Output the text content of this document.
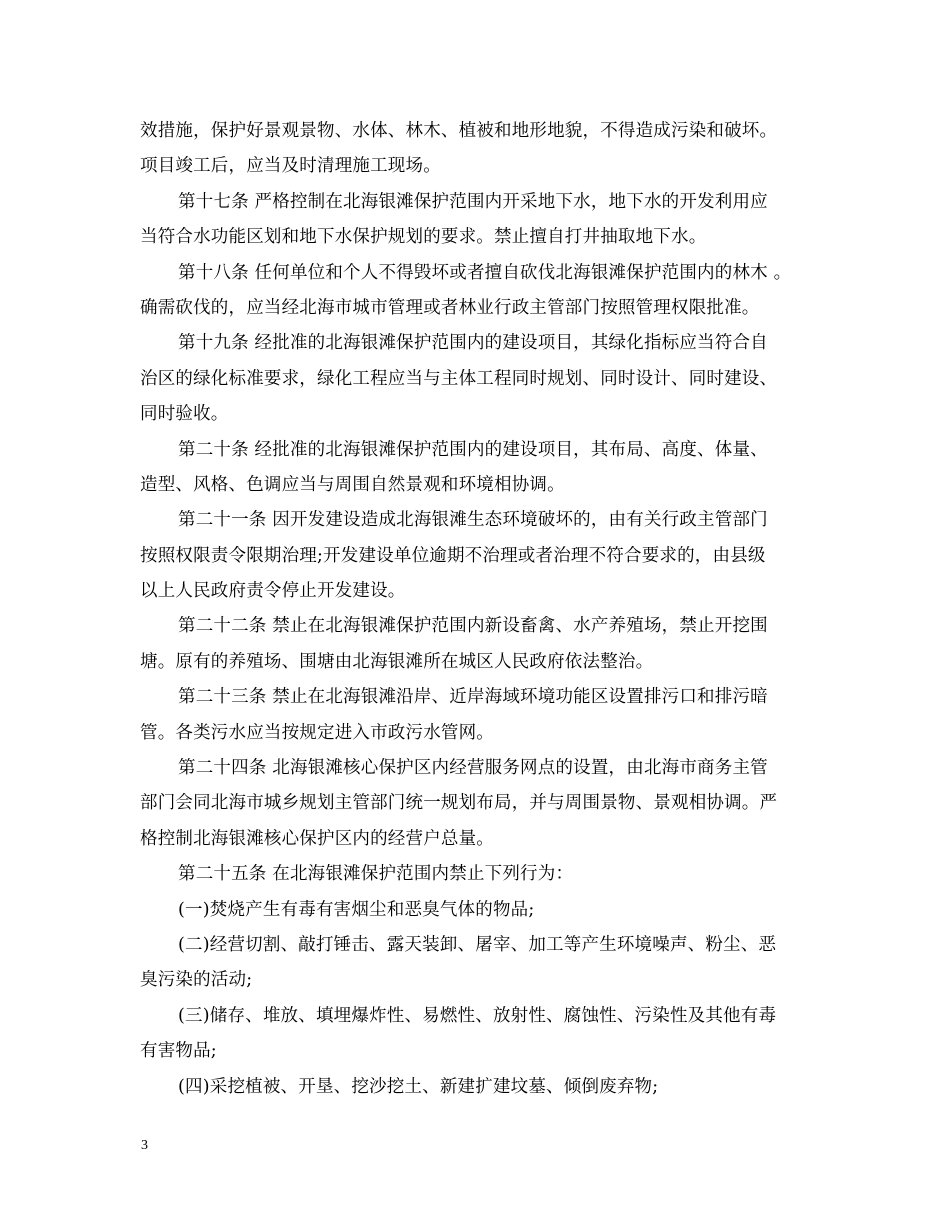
效措施，保护好景观景物、水体、林木、植被和地形地貌，不得造成污染和破坏。
项目竣工后，应当及时清理施工现场。
第十七条 严格控制在北海银滩保护范围内开采地下水，地下水的开发利用应
当符合水功能区划和地下水保护规划的要求。禁止擅自打井抽取地下水。
第十八条 任何单位和个人不得毁坏或者擅自砍伐北海银滩保护范围内的林木 。
确需砍伐的，应当经北海市城市管理或者林业行政主管部门按照管理权限批准。
第十九条 经批准的北海银滩保护范围内的建设项目，其绿化指标应当符合自
治区的绿化标准要求，绿化工程应当与主体工程同时规划、同时设计、同时建设、
同时验收。
第二十条 经批准的北海银滩保护范围内的建设项目，其布局、高度、体量、
造型、风格、色调应当与周围自然景观和环境相协调。
第二十一条 因开发建设造成北海银滩生态环境破坏的，由有关行政主管部门
按照权限责令限期治理;开发建设单位逾期不治理或者治理不符合要求的，由县级
以上人民政府责令停止开发建设。
第二十二条 禁止在北海银滩保护范围内新设畜禽、水产养殖场，禁止开挖围
塘。原有的养殖场、围塘由北海银滩所在城区人民政府依法整治。
第二十三条 禁止在北海银滩沿岸、近岸海域环境功能区设置排污口和排污暗
管。各类污水应当按规定进入市政污水管网。
第二十四条 北海银滩核心保护区内经营服务网点的设置，由北海市商务主管
部门会同北海市城乡规划主管部门统一规划布局，并与周围景物、景观相协调。严
格控制北海银滩核心保护区内的经营户总量。
第二十五条 在北海银滩保护范围内禁止下列行为：
(一)焚烧产生有毒有害烟尘和恶臭气体的物品;
(二)经营切割、敲打锤击、露天装卸、屠宰、加工等产生环境噪声、粉尘、恶
臭污染的活动;
(三)储存、堆放、填埋爆炸性、易燃性、放射性、腐蚀性、污染性及其他有毒
有害物品;
(四)采挖植被、开垦、挖沙挖土、新建扩建坟墓、倾倒废弃物;
3
